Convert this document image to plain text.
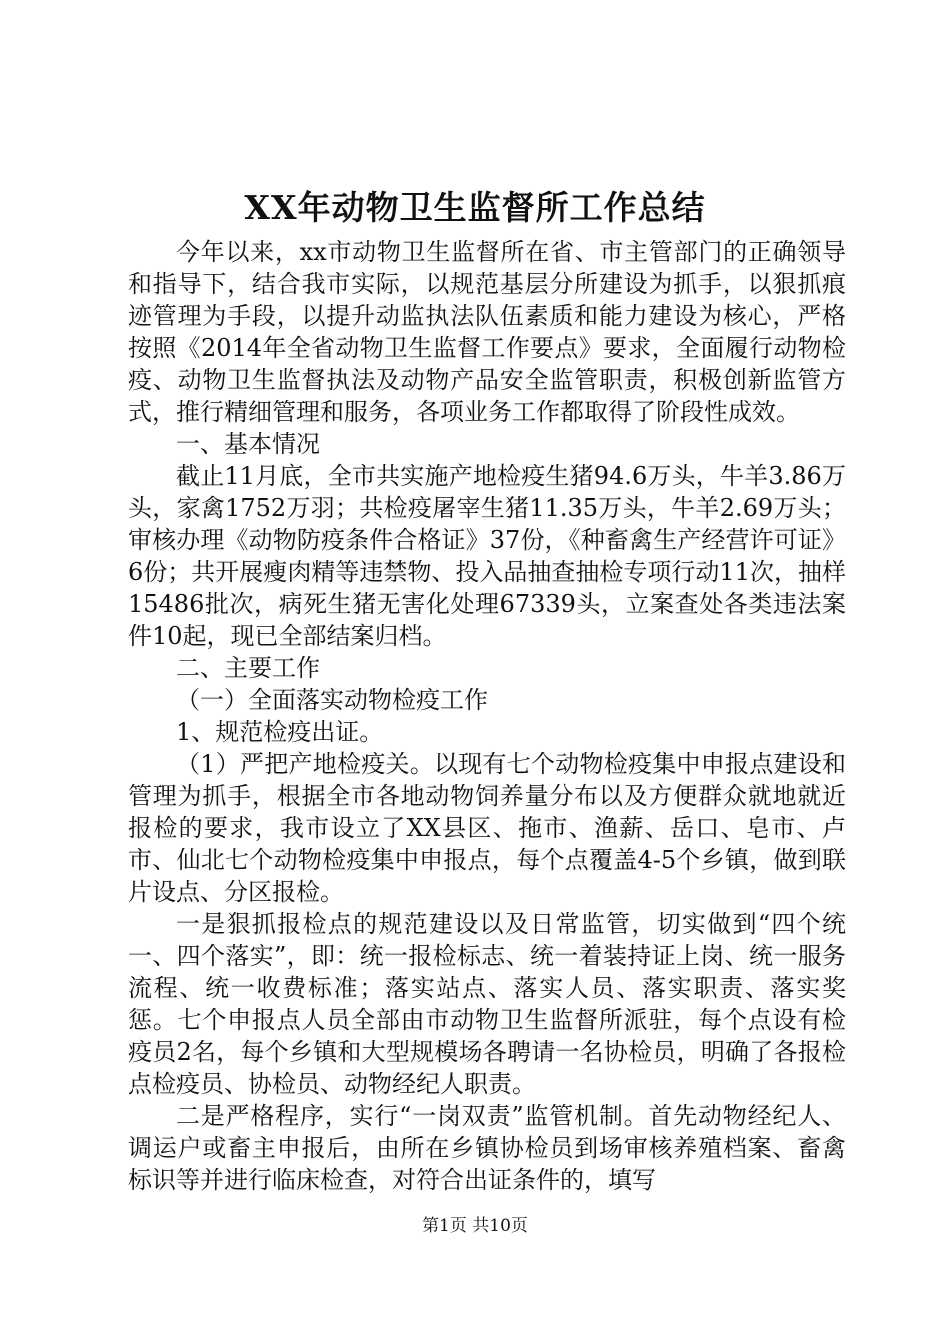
XX年动物卫生监督所工作总结

今年以来，xx市动物卫生监督所在省、市主管部门的正确领导和指导下，结合我市实际，以规范基层分所建设为抓手，以狠抓痕迹管理为手段，以提升动监执法队伍素质和能力建设为核心，严格按照《2014年全省动物卫生监督工作要点》要求，全面履行动物检疫、动物卫生监督执法及动物产品安全监管职责，积极创新监管方式，推行精细管理和服务，各项业务工作都取得了阶段性成效。

一、基本情况

截止11月底，全市共实施产地检疫生猪94.6万头，牛羊3.86万头，家禽1752万羽；共检疫屠宰生猪11.35万头，牛羊2.69万头；审核办理《动物防疫条件合格证》37份，《种畜禽生产经营许可证》6份；共开展瘦肉精等违禁物、投入品抽查抽检专项行动11次，抽样15486批次，病死生猪无害化处理67339头，立案查处各类违法案件10起，现已全部结案归档。

二、主要工作

（一）全面落实动物检疫工作

1、规范检疫出证。

（1）严把产地检疫关。以现有七个动物检疫集中申报点建设和管理为抓手，根据全市各地动物饲养量分布以及方便群众就地就近报检的要求，我市设立了XX县区、拖市、渔薪、岳口、皂市、卢市、仙北七个动物检疫集中申报点，每个点覆盖4-5个乡镇，做到联片设点、分区报检。

一是狠抓报检点的规范建设以及日常监管，切实做到“四个统一、四个落实”，即：统一报检标志、统一着装持证上岗、统一服务流程、统一收费标准；落实站点、落实人员、落实职责、落实奖惩。七个申报点人员全部由市动物卫生监督所派驻，每个点设有检疫员2名，每个乡镇和大型规模场各聘请一名协检员，明确了各报检点检疫员、协检员、动物经纪人职责。

二是严格程序，实行“一岗双责”监管机制。首先动物经纪人、调运户或畜主申报后，由所在乡镇协检员到场审核养殖档案、畜禽标识等并进行临床检查，对符合出证条件的，填写

第1页 共10页
